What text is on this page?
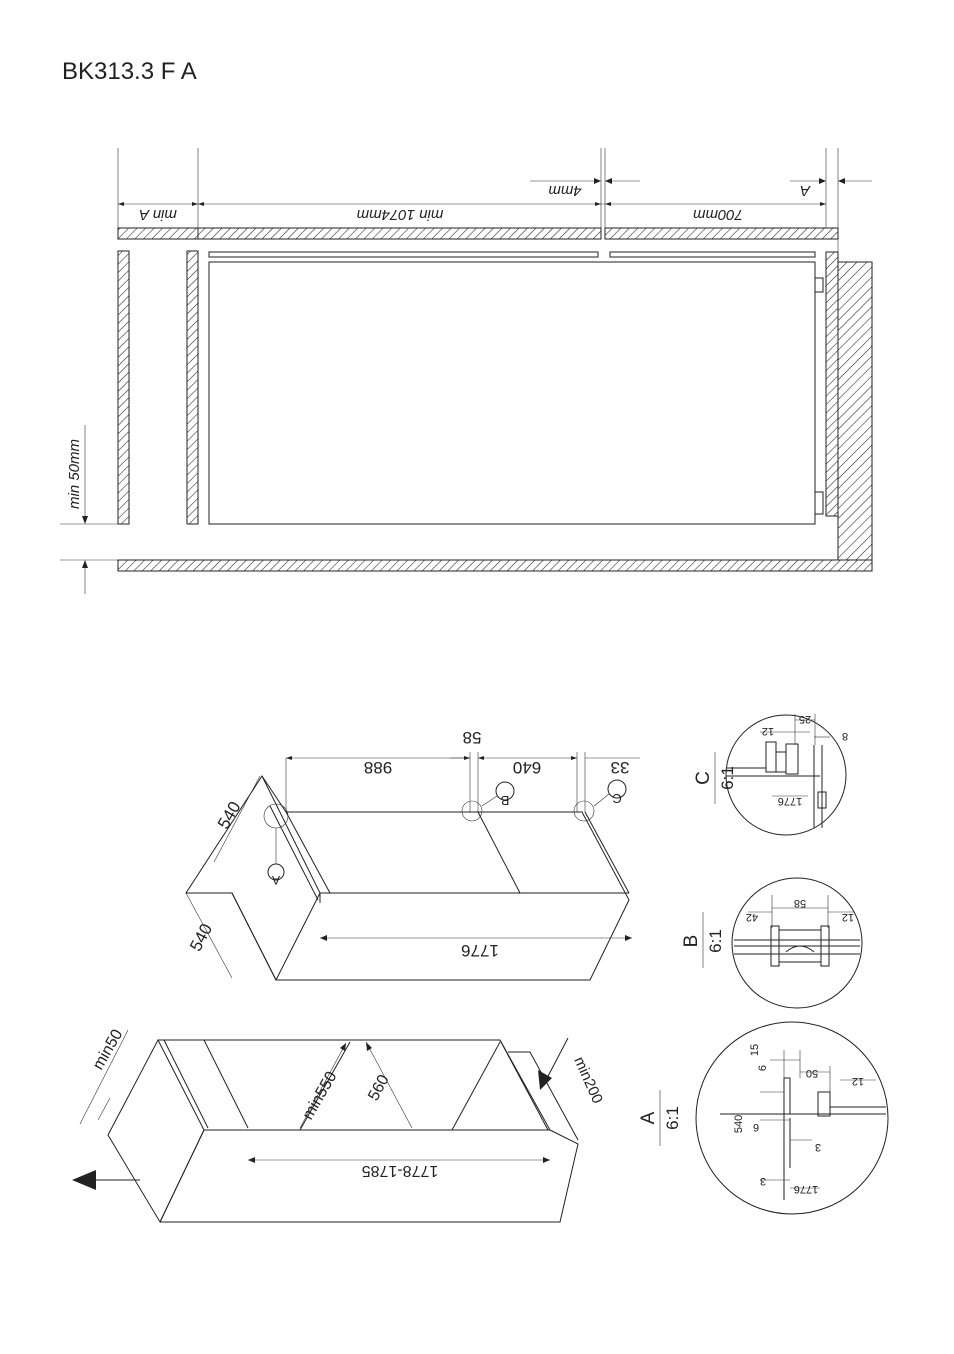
BK313.3 F A
min A	min 1074mm
4mm
700mm
A
min 50mm
988
58
640	33
540
540	1776
A
B	C
min50
min550 560
1778-1785
min200
12
25
8
1776
C 6:1
58
42	12
B 6:1
15
6	50
12
540 6
3
3
1776
A 6:1
